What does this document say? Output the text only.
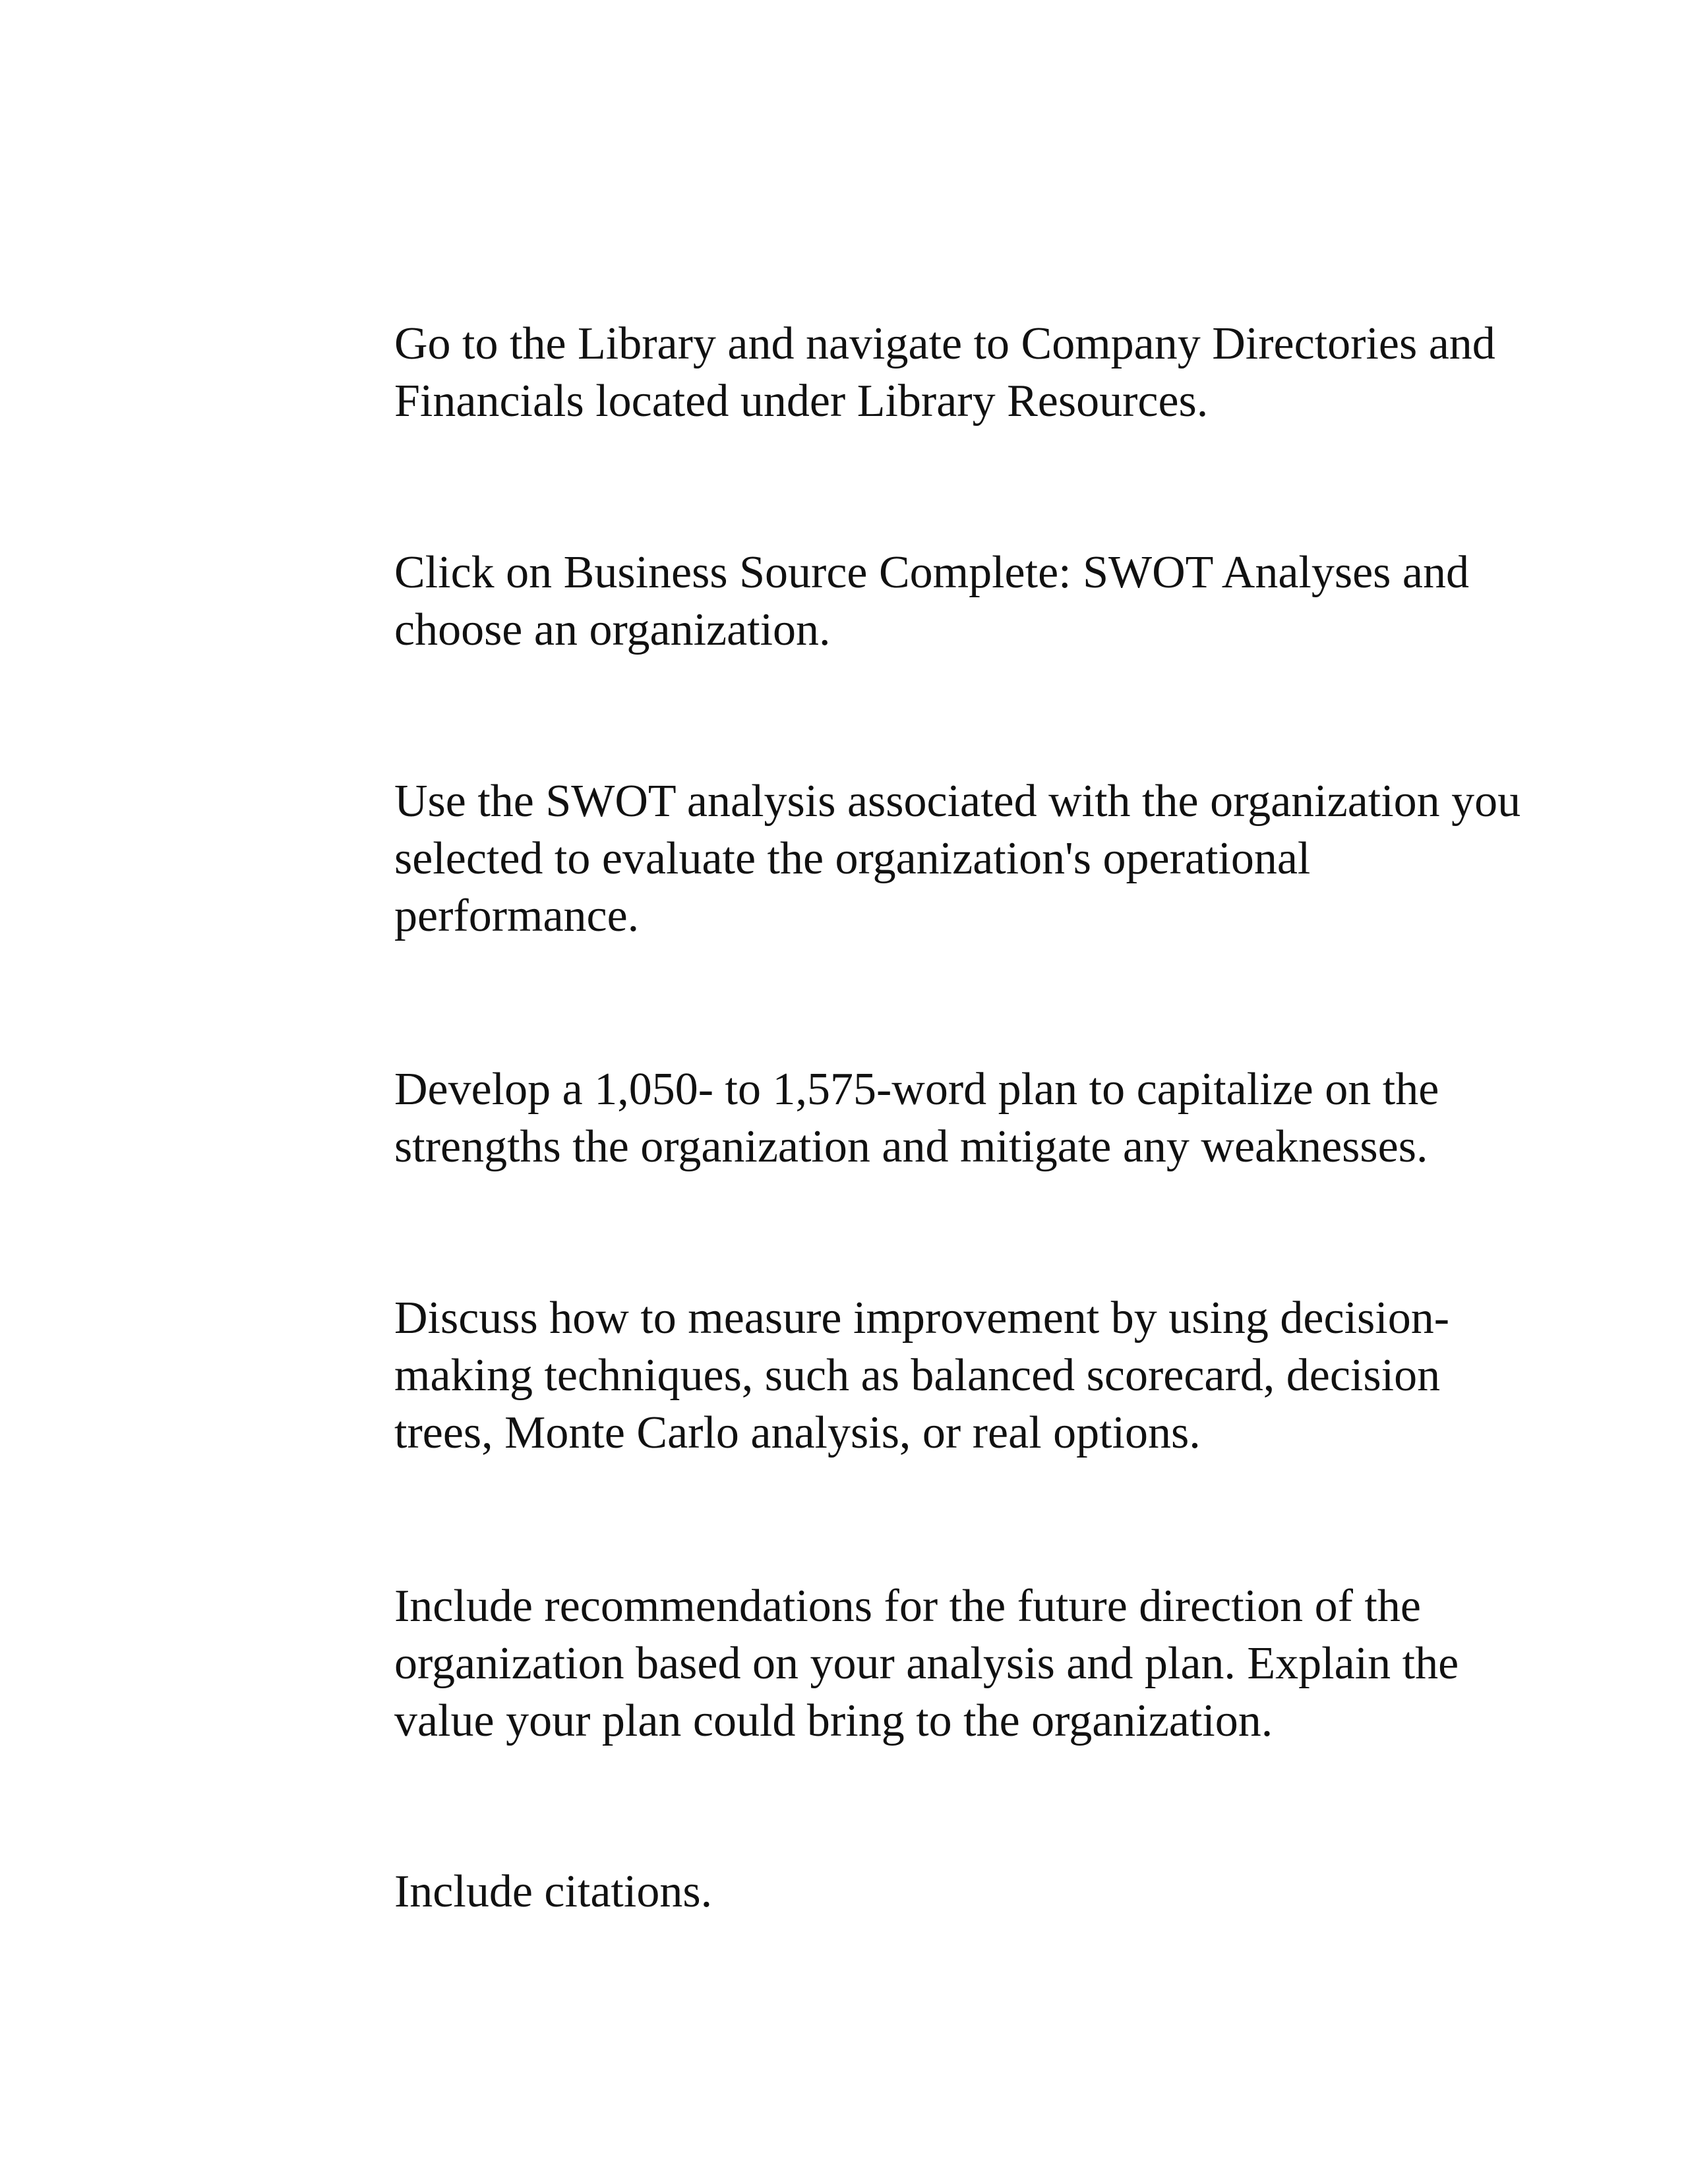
Go to the Library and navigate to Company Directories and
Financials located under Library Resources.

Click on Business Source Complete: SWOT Analyses and
choose an organization.

Use the SWOT analysis associated with the organization you
selected to evaluate the organization's operational
performance.

Develop a 1,050- to 1,575-word plan to capitalize on the
strengths the organization and mitigate any weaknesses.

Discuss how to measure improvement by using decision-
making techniques, such as balanced scorecard, decision
trees, Monte Carlo analysis, or real options.

Include recommendations for the future direction of the
organization based on your analysis and plan. Explain the
value your plan could bring to the organization.

Include citations.
